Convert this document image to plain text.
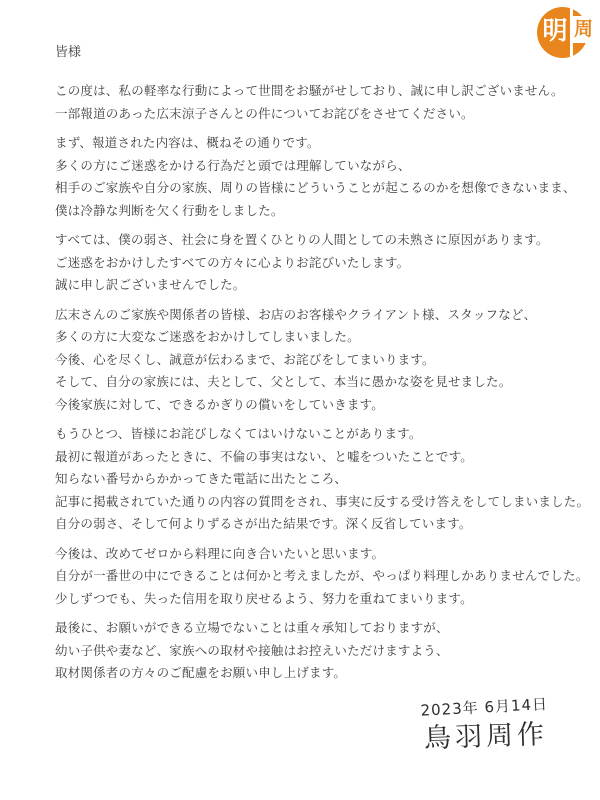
明 周
皆様

この度は、私の軽率な行動によって世間をお騒がせしており、誠に申し訳ございません。
一部報道のあった広末涼子さんとの件についてお詫びをさせてください。

まず、報道された内容は、概ねその通りです。
多くの方にご迷惑をかける行為だと頭では理解していながら、
相手のご家族や自分の家族、周りの皆様にどういうことが起こるのかを想像できないまま、
僕は冷静な判断を欠く行動をしました。

すべては、僕の弱さ、社会に身を置くひとりの人間としての未熟さに原因があります。
ご迷惑をおかけしたすべての方々に心よりお詫びいたします。
誠に申し訳ございませんでした。

広末さんのご家族や関係者の皆様、お店のお客様やクライアント様、スタッフなど、
多くの方に大変なご迷惑をおかけしてしまいました。
今後、心を尽くし、誠意が伝わるまで、お詫びをしてまいります。
そして、自分の家族には、夫として、父として、本当に愚かな姿を見せました。
今後家族に対して、できるかぎりの償いをしていきます。

もうひとつ、皆様にお詫びしなくてはいけないことがあります。
最初に報道があったときに、不倫の事実はない、と嘘をついたことです。
知らない番号からかかってきた電話に出たところ、
記事に掲載されていた通りの内容の質問をされ、事実に反する受け答えをしてしまいました。
自分の弱さ、そして何よりずるさが出た結果です。深く反省しています。

今後は、改めてゼロから料理に向き合いたいと思います。
自分が一番世の中にできることは何かと考えましたが、やっぱり料理しかありませんでした。
少しずつでも、失った信用を取り戻せるよう、努力を重ねてまいります。

最後に、お願いができる立場でないことは重々承知しておりますが、
幼い子供や妻など、家族への取材や接触はお控えいただけますよう、
取材関係者の方々のご配慮をお願い申し上げます。

2023年 6月14日
鳥羽周作
